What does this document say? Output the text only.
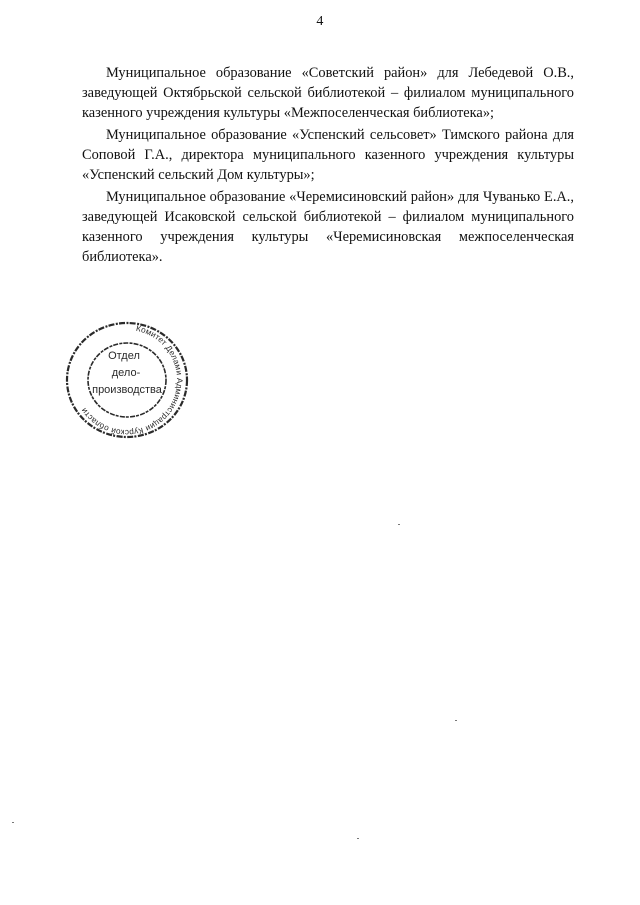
4

Муниципальное образование «Советский район» для Лебедевой О.В., заведующей Октябрьской сельской библиотекой – филиалом муниципального казенного учреждения культуры «Межпоселенческая библиотека»;

Муниципальное образование «Успенский сельсовет» Тимского района для Соповой Г.А., директора муниципального казенного учреждения культуры «Успенский сельский Дом культуры»;

Муниципальное образование «Черемисиновский район» для Чуванько Е.А., заведующей Исаковской сельской библиотекой – филиалом муниципального казенного учреждения культуры «Черемисиновская межпоселенческая библиотека».

Комитет Делами Администрации Курской области
Отдел
дело-
производства
